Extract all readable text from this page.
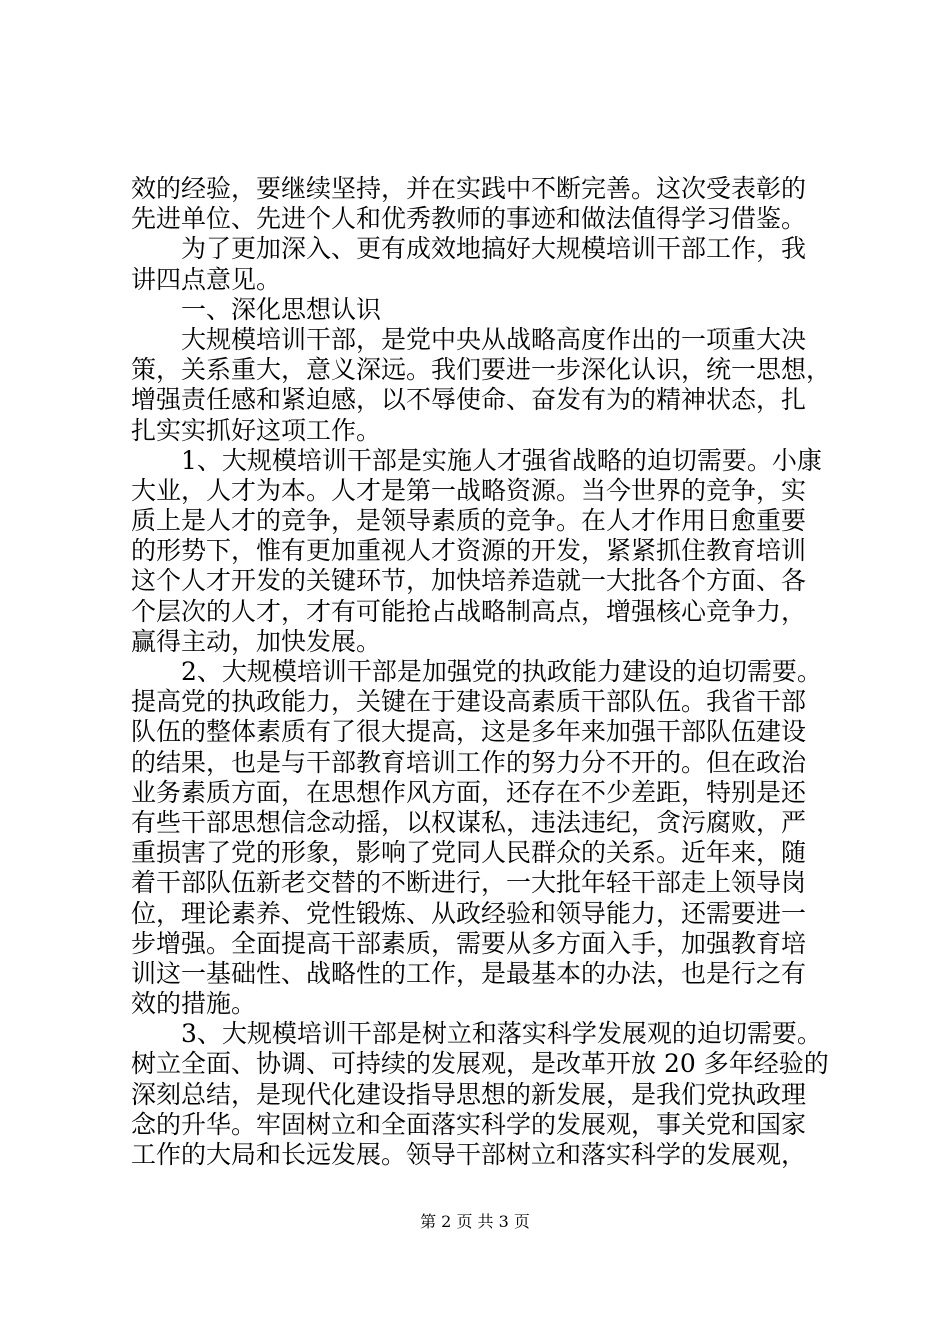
效的经验，要继续坚持，并在实践中不断完善。这次受表彰的
先进单位、先进个人和优秀教师的事迹和做法值得学习借鉴。
为了更加深入、更有成效地搞好大规模培训干部工作，我
讲四点意见。
一、深化思想认识
大规模培训干部，是党中央从战略高度作出的一项重大决
策，关系重大，意义深远。我们要进一步深化认识，统一思想，
增强责任感和紧迫感，以不辱使命、奋发有为的精神状态，扎
扎实实抓好这项工作。
1、大规模培训干部是实施人才强省战略的迫切需要。小康
大业，人才为本。人才是第一战略资源。当今世界的竞争，实
质上是人才的竞争，是领导素质的竞争。在人才作用日愈重要
的形势下，惟有更加重视人才资源的开发，紧紧抓住教育培训
这个人才开发的关键环节，加快培养造就一大批各个方面、各
个层次的人才，才有可能抢占战略制高点，增强核心竞争力，
赢得主动，加快发展。
2、大规模培训干部是加强党的执政能力建设的迫切需要。
提高党的执政能力，关键在于建设高素质干部队伍。我省干部
队伍的整体素质有了很大提高，这是多年来加强干部队伍建设
的结果，也是与干部教育培训工作的努力分不开的。但在政治
业务素质方面，在思想作风方面，还存在不少差距，特别是还
有些干部思想信念动摇，以权谋私，违法违纪，贪污腐败，严
重损害了党的形象，影响了党同人民群众的关系。近年来，随
着干部队伍新老交替的不断进行，一大批年轻干部走上领导岗
位，理论素养、党性锻炼、从政经验和领导能力，还需要进一
步增强。全面提高干部素质，需要从多方面入手，加强教育培
训这一基础性、战略性的工作，是最基本的办法，也是行之有
效的措施。
3、大规模培训干部是树立和落实科学发展观的迫切需要。
树立全面、协调、可持续的发展观，是改革开放 20 多年经验的
深刻总结，是现代化建设指导思想的新发展，是我们党执政理
念的升华。牢固树立和全面落实科学的发展观，事关党和国家
工作的大局和长远发展。领导干部树立和落实科学的发展观，
第 2 页 共 3 页
